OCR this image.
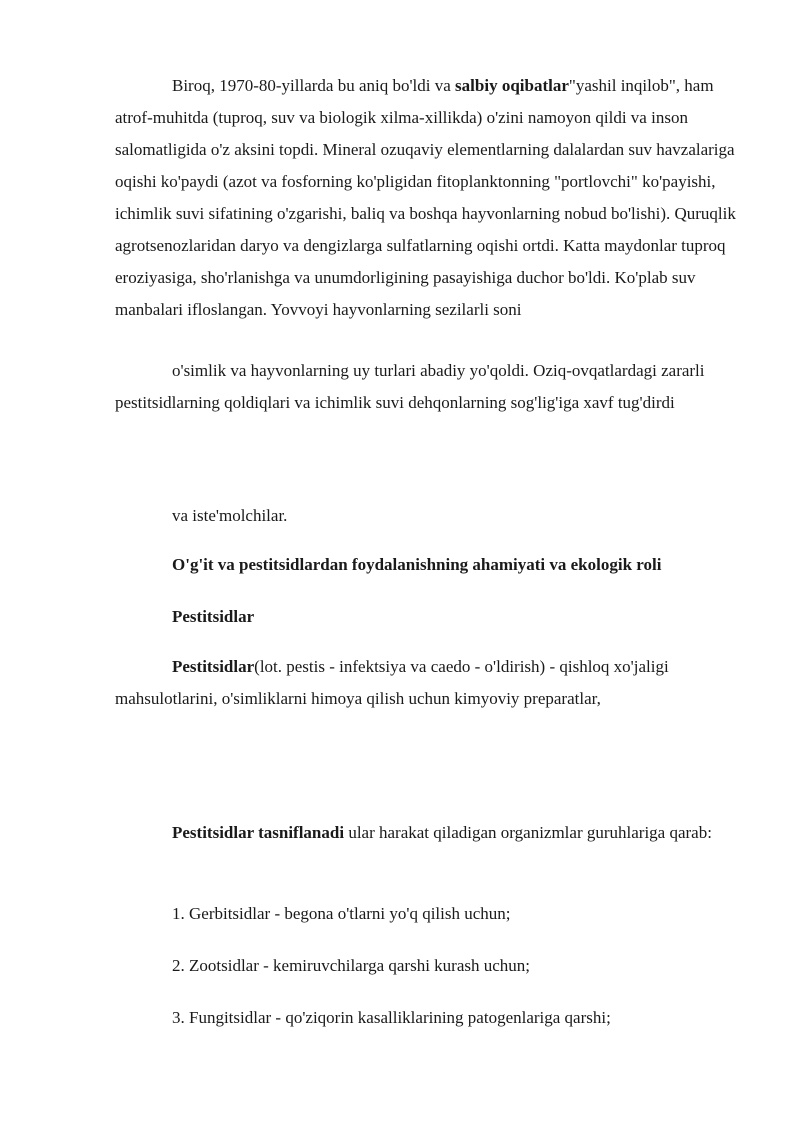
Biroq, 1970-80-yillarda bu aniq bo'ldi va salbiy oqibatlar"yashil inqilob", ham atrof-muhitda (tuproq, suv va biologik xilma-xillikda) o'zini namoyon qildi va inson salomatligida o'z aksini topdi. Mineral ozuqaviy elementlarning dalalardan suv havzalariga oqishi ko'paydi (azot va fosforning ko'pligidan fitoplanktonning "portlovchi" ko'payishi, ichimlik suvi sifatining o'zgarishi, baliq va boshqa hayvonlarning nobud bo'lishi). Quruqlik agrotsenozlaridan daryo va dengizlarga sulfatlarning oqishi ortdi. Katta maydonlar tuproq eroziyasiga, sho'rlanishga va unumdorligining pasayishiga duchor bo'ldi. Ko'plab suv manbalari ifloslangan. Yovvoyi hayvonlarning sezilarli soni

o'simlik va hayvonlarning uy turlari abadiy yo'qoldi. Oziq-ovqatlardagi zararli pestitsidlarning qoldiqlari va ichimlik suvi dehqonlarning sog'lig'iga xavf tug'dirdi

va iste'molchilar.

O'g'it va pestitsidlardan foydalanishning ahamiyati va ekologik roli

Pestitsidlar

Pestitsidlar(lot. pestis - infektsiya va caedo - o'ldirish) - qishloq xo'jaligi mahsulotlarini, o'simliklarni himoya qilish uchun kimyoviy preparatlar,

Pestitsidlar tasniflanadi ular harakat qiladigan organizmlar guruhlariga qarab:

1. Gerbitsidlar - begona o'tlarni yo'q qilish uchun;

2. Zootsidlar - kemiruvchilarga qarshi kurash uchun;

3. Fungitsidlar - qo'ziqorin kasalliklarining patogenlariga qarshi;
